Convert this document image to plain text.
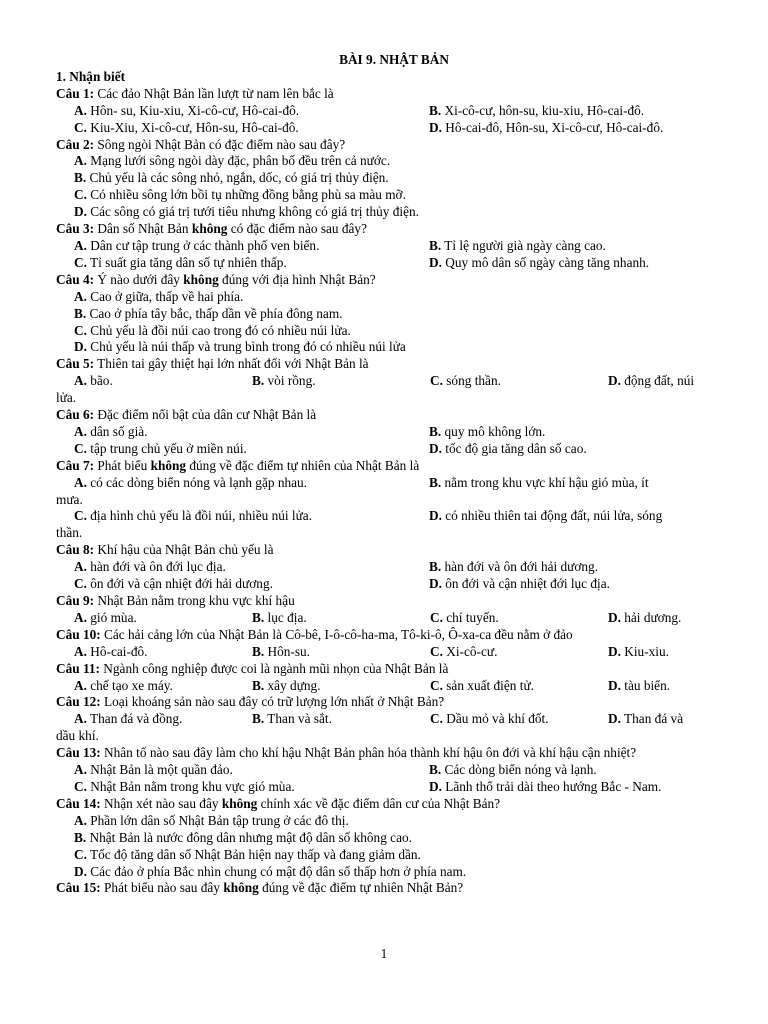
BÀI 9. NHẬT BẢN
1. Nhận biết
Câu 1: Các đảo Nhật Bản lần lượt từ nam lên bắc là
A. Hôn- su, Kiu-xiu, Xi-cô-cư, Hô-cai-đô.	B. Xi-cô-cư, hôn-su, kiu-xiu, Hô-cai-đô.
C. Kiu-Xiu, Xi-cô-cư, Hôn-su, Hô-cai-đô.	D. Hô-cai-đô, Hôn-su, Xi-cô-cư, Hô-cai-đô.
Câu 2: Sông ngòi Nhật Bản có đặc điểm nào sau đây?
A. Mạng lưới sông ngòi dày đặc, phân bố đều trên cả nước.
B. Chủ yếu là các sông nhỏ, ngắn, dốc, có giá trị thủy điện.
C. Có nhiều sông lớn bồi tụ những đồng bằng phù sa màu mỡ.
D. Các sông có giá trị tưới tiêu nhưng không có giá trị thủy điện.
Câu 3: Dân số Nhật Bản không có đặc điểm nào sau đây?
A. Dân cư tập trung ở các thành phố ven biển.	B. Tỉ lệ người già ngày càng cao.
C. Tỉ suất gia tăng dân số tự nhiên thấp.	D. Quy mô dân số ngày càng tăng nhanh.
Câu 4: Ý nào dưới đây không đúng với địa hình Nhật Bản?
A. Cao ở giữa, thấp về hai phía.
B. Cao ở phía tây bắc, thấp dần về phía đông nam.
C. Chủ yếu là đồi núi cao trong đó có nhiều núi lửa.
D. Chủ yếu là núi thấp và trung bình trong đó có nhiều núi lửa
Câu 5: Thiên tai gây thiệt hại lớn nhất đối với Nhật Bản là
A. bão.	B. vòi rồng.	C. sóng thần.	D. động đất, núi
lửa.
Câu 6: Đặc điểm nổi bật của dân cư Nhật Bản là
A. dân số già.	B. quy mô không lớn.
C. tập trung chủ yếu ở miền núi.	D. tốc độ gia tăng dân số cao.
Câu 7: Phát biểu không đúng về đặc điểm tự nhiên của Nhật Bản là
A. có các dòng biển nóng và lạnh gặp nhau.	B. nằm trong khu vực khí hậu gió mùa, ít
mưa.
C. địa hình chủ yếu là đồi núi, nhiều núi lửa.	D. có nhiều thiên tai động đất, núi lửa, sóng
thần.
Câu 8: Khí hậu của Nhật Bản chủ yếu là
A. hàn đới và ôn đới lục địa.	B. hàn đới và ôn đới hải dương.
C. ôn đới và cận nhiệt đới hải dương.	D. ôn đới và cận nhiệt đới lục địa.
Câu 9: Nhật Bản nằm trong khu vực khí hậu
A. gió mùa.	B. lục địa.	C. chí tuyến.	D. hải dương.
Câu 10: Các hải cảng lớn của Nhật Bản là Cô-bê, I-ô-cô-ha-ma, Tô-ki-ô, Ô-xa-ca đều nằm ở đảo
A. Hô-cai-đô.	B. Hôn-su.	C. Xi-cô-cư.	D. Kiu-xiu.
Câu 11: Ngành công nghiệp được coi là ngành mũi nhọn của Nhật Bản là
A. chế tạo xe máy.	B. xây dựng.	C. sản xuất điện tử.	D. tàu biển.
Câu 12: Loại khoáng sản nào sau đây có trữ lượng lớn nhất ở Nhật Bản?
A. Than đá và đồng.	B. Than và sắt.	C. Dầu mỏ và khí đốt.	D. Than đá và
dầu khí.
Câu 13: Nhân tố nào sau đây làm cho khí hậu Nhật Bản phân hóa thành khí hậu ôn đới và khí hậu cận nhiệt?
A. Nhật Bản là một quần đảo.	B. Các dòng biển nóng và lạnh.
C. Nhật Bản nằm trong khu vực gió mùa.	D. Lãnh thổ trải dài theo hướng Bắc - Nam.
Câu 14: Nhận xét nào sau đây không chính xác về đặc điểm dân cư của Nhật Bản?
A. Phần lớn dân số Nhật Bản tập trung ở các đô thị.
B. Nhật Bản là nước đông dân nhưng mật độ dân số không cao.
C. Tốc độ tăng dân số Nhật Bản hiện nay thấp và đang giảm dần.
D. Các đảo ở phía Bắc nhìn chung có mật độ dân số thấp hơn ở phía nam.
Câu 15: Phát biểu nào sau đây không đúng về đặc điểm tự nhiên Nhật Bản?
1
